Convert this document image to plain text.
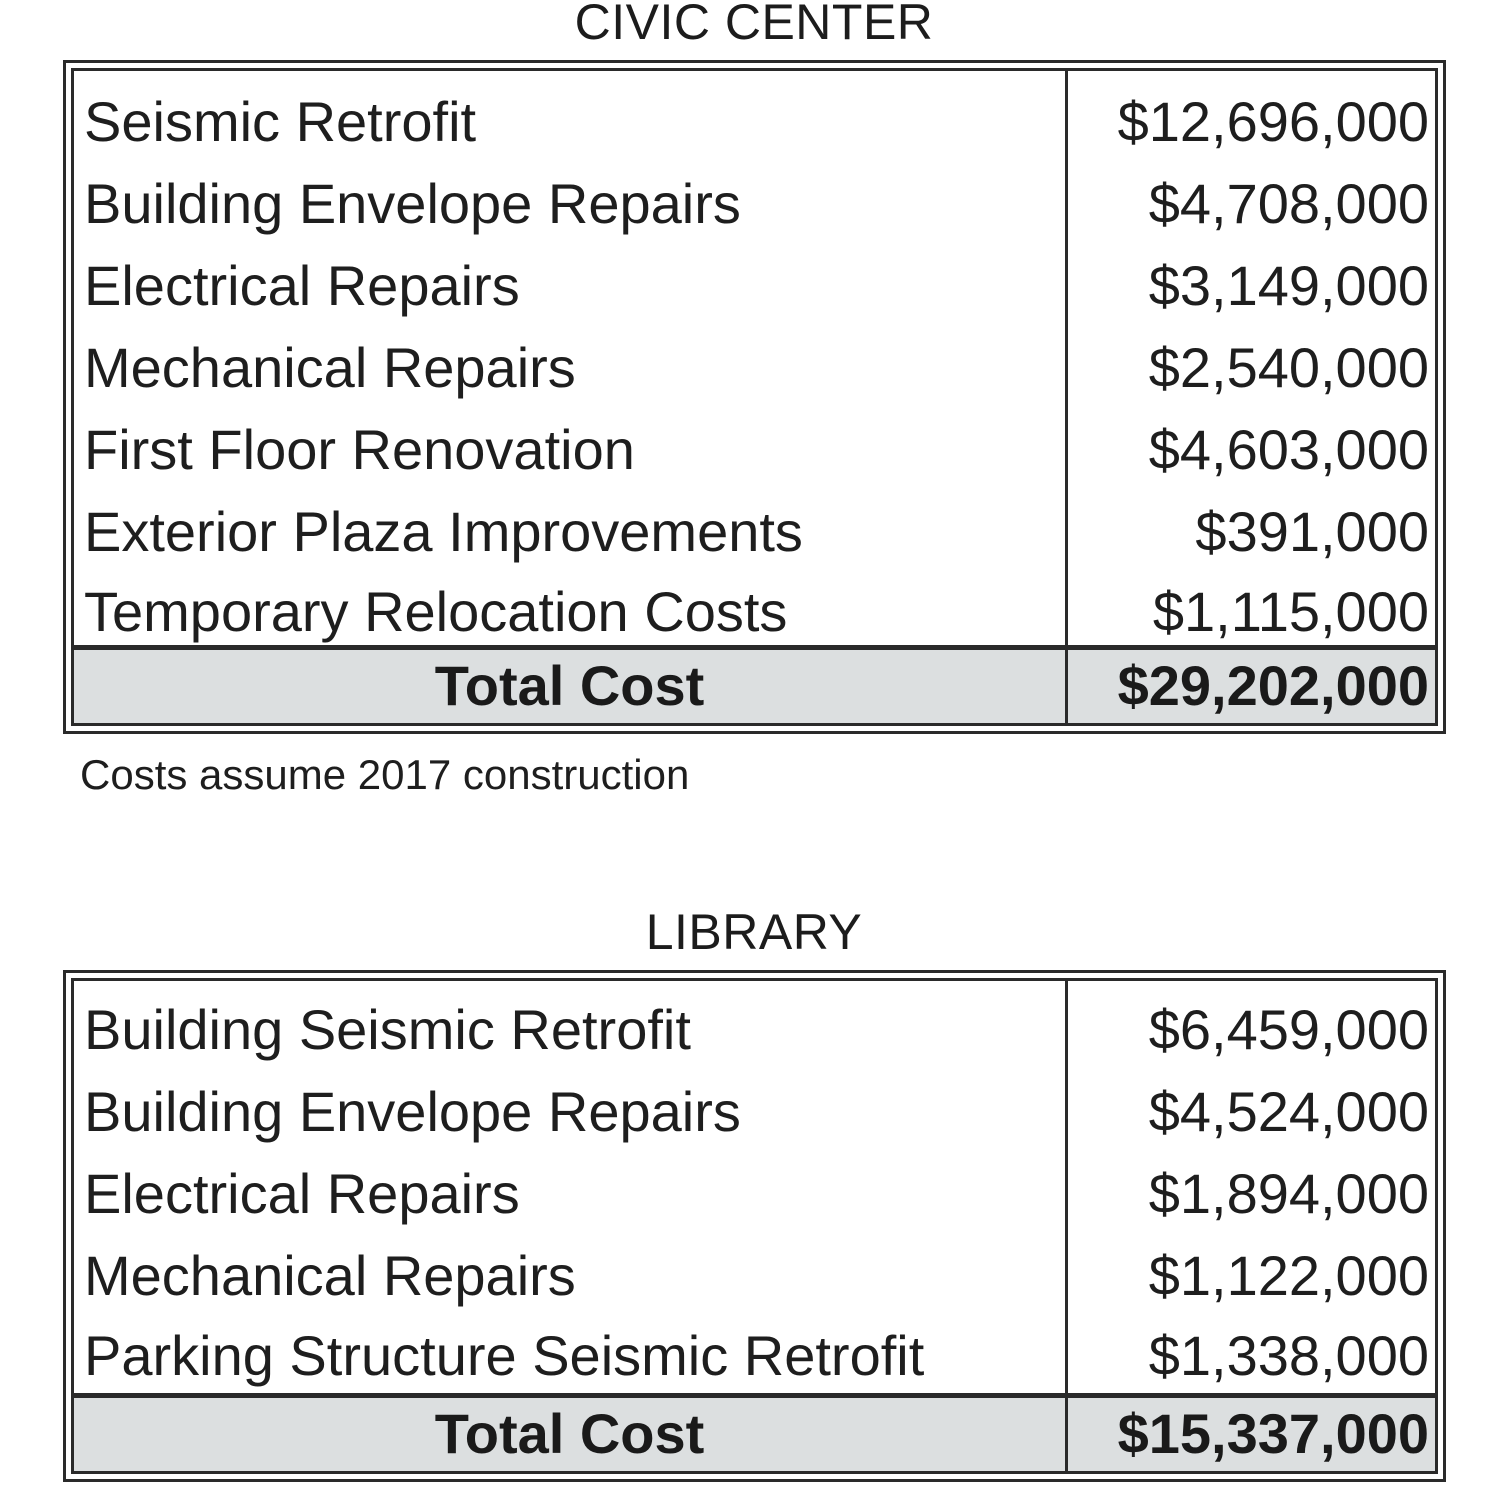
CIVIC CENTER
Seismic Retrofit	$12,696,000
Building Envelope Repairs	$4,708,000
Electrical Repairs	$3,149,000
Mechanical Repairs	$2,540,000
First Floor Renovation	$4,603,000
Exterior Plaza Improvements	$391,000
Temporary Relocation Costs	$1,115,000
Total Cost	$29,202,000
Costs assume 2017 construction
LIBRARY
Building Seismic Retrofit	$6,459,000
Building Envelope Repairs	$4,524,000
Electrical Repairs	$1,894,000
Mechanical Repairs	$1,122,000
Parking Structure Seismic Retrofit	$1,338,000
Total Cost	$15,337,000
